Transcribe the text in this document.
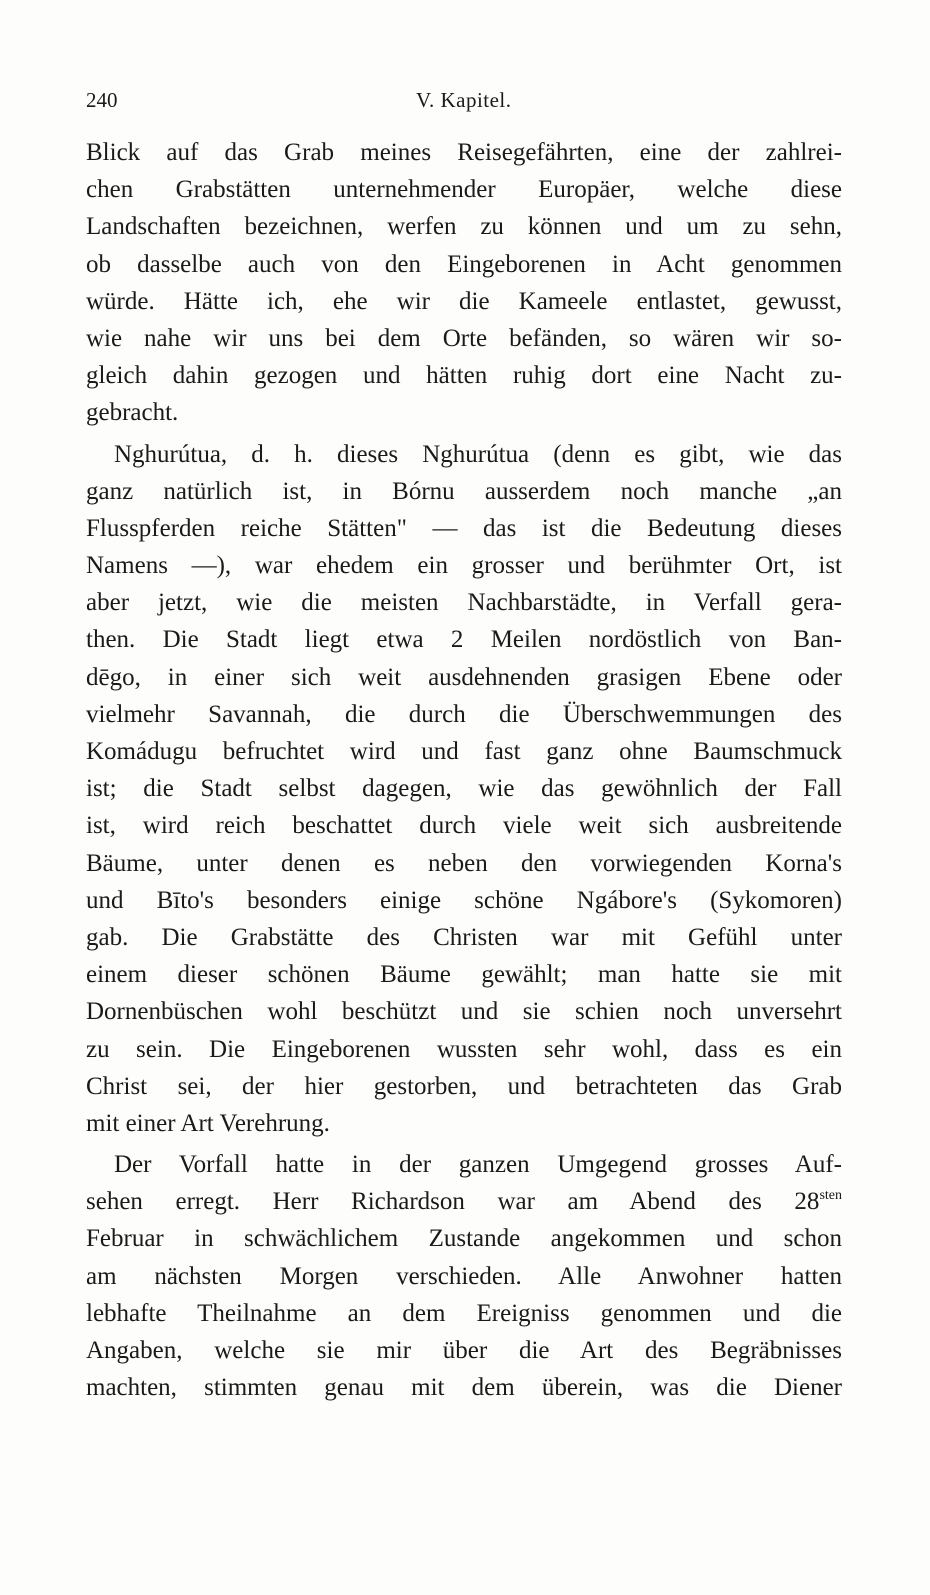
240	V. Kapitel.
Blick auf das Grab meines Reisegefährten, eine der zahlrei-
chen Grabstätten unternehmender Europäer, welche diese
Landschaften bezeichnen, werfen zu können und um zu sehn,
ob dasselbe auch von den Eingeborenen in Acht genommen
würde. Hätte ich, ehe wir die Kameele entlastet, gewusst,
wie nahe wir uns bei dem Orte befänden, so wären wir so-
gleich dahin gezogen und hätten ruhig dort eine Nacht zu-
gebracht.
Nghurútua, d. h. dieses Nghurútua (denn es gibt, wie das
ganz natürlich ist, in Bórnu ausserdem noch manche „an
Flusspferden reiche Stätten" — das ist die Bedeutung dieses
Namens —), war ehedem ein grosser und berühmter Ort, ist
aber jetzt, wie die meisten Nachbarstädte, in Verfall gera-
then. Die Stadt liegt etwa 2 Meilen nordöstlich von Ban-
dēgo, in einer sich weit ausdehnenden grasigen Ebene oder
vielmehr Savannah, die durch die Überschwemmungen des
Komádugu befruchtet wird und fast ganz ohne Baumschmuck
ist; die Stadt selbst dagegen, wie das gewöhnlich der Fall
ist, wird reich beschattet durch viele weit sich ausbreitende
Bäume, unter denen es neben den vorwiegenden Korna's
und Bīto's besonders einige schöne Ngábore's (Sykomoren)
gab. Die Grabstätte des Christen war mit Gefühl unter
einem dieser schönen Bäume gewählt; man hatte sie mit
Dornenbüschen wohl beschützt und sie schien noch unversehrt
zu sein. Die Eingeborenen wussten sehr wohl, dass es ein
Christ sei, der hier gestorben, und betrachteten das Grab
mit einer Art Verehrung.
Der Vorfall hatte in der ganzen Umgegend grosses Auf-
sehen erregt. Herr Richardson war am Abend des $28^{sten}$
Februar in schwächlichem Zustande angekommen und schon
am nächsten Morgen verschieden. Alle Anwohner hatten
lebhafte Theilnahme an dem Ereigniss genommen und die
Angaben, welche sie mir über die Art des Begräbnisses
machten, stimmten genau mit dem überein, was die Diener
